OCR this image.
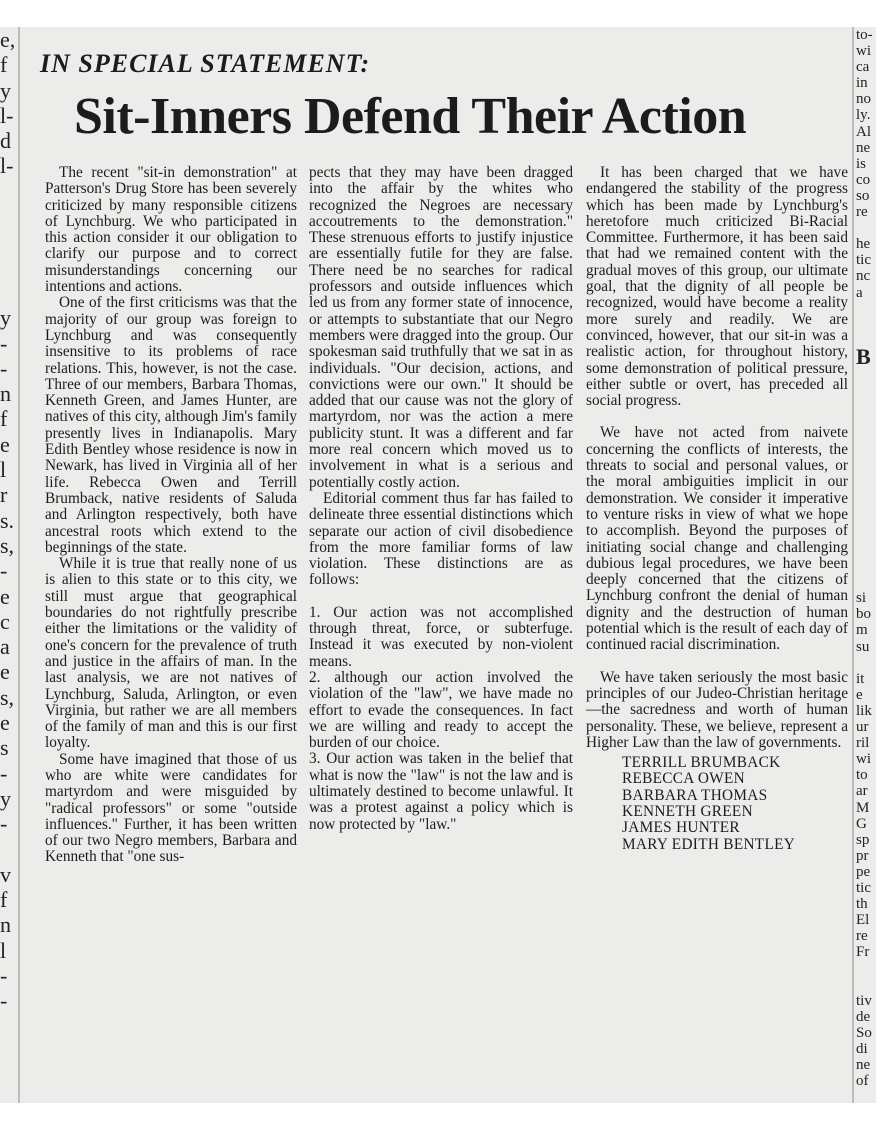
e,
f
y
l-
d
l-
y
-
-
n
f
e
l
r
s.
s,
-
e
c
a
e
s,
e
s
-
y
-
v
f
n
l
-
-
to-
wi
ca
in
no
ly.
Al
ne
is
co
so
re
he
tic
nc
a
B
si
bo
m
su
it
e
lik
ur
ril
wi
to
ar
M
G
sp
pr
pe
tic
th
El
re
Fr
tiv
de
So
di
ne
of
IN SPECIAL STATEMENT:
Sit-Inners Defend Their Action

The recent "sit-in demonstration" at Patterson's Drug Store has been severely criticized by many responsible citizens of Lynchburg. We who participated in this action consider it our obligation to clarify our purpose and to correct misunderstandings concerning our intentions and actions.

One of the first criticisms was that the majority of our group was foreign to Lynchburg and was consequently insensitive to its problems of race relations. This, however, is not the case. Three of our members, Barbara Thomas, Kenneth Green, and James Hunter, are natives of this city, although Jim's family presently lives in Indianapolis. Mary Edith Bentley whose residence is now in Newark, has lived in Virginia all of her life. Rebecca Owen and Terrill Brumback, native residents of Saluda and Arlington respectively, both have ancestral roots which extend to the beginnings of the state.

While it is true that really none of us is alien to this state or to this city, we still must argue that geographical boundaries do not rightfully prescribe either the limitations or the validity of one's concern for the prevalence of truth and justice in the affairs of man. In the last analysis, we are not natives of Lynchburg, Saluda, Arlington, or even Virginia, but rather we are all members of the family of man and this is our first loyalty.

Some have imagined that those of us who are white were candidates for martyrdom and were misguided by "radical professors" or some "outside influences." Further, it has been written of our two Negro members, Barbara and Kenneth that "one sus-

pects that they may have been dragged into the affair by the whites who recognized the Negroes are necessary accoutrements to the demonstration." These strenuous efforts to justify injustice are essentially futile for they are false. There need be no searches for radical professors and outside influences which led us from any former state of innocence, or attempts to substantiate that our Negro members were dragged into the group. Our spokesman said truthfully that we sat in as individuals. "Our decision, actions, and convictions were our own." It should be added that our cause was not the glory of martyrdom, nor was the action a mere publicity stunt. It was a different and far more real concern which moved us to involvement in what is a serious and potentially costly action.

Editorial comment thus far has failed to delineate three essential distinctions which separate our action of civil disobedience from the more familiar forms of law violation. These distinctions are as follows:

1. Our action was not accomplished through threat, force, or subterfuge. Instead it was executed by non-violent means.
2. although our action involved the violation of the "law", we have made no effort to evade the consequences. In fact we are willing and ready to accept the burden of our choice.
3. Our action was taken in the belief that what is now the "law" is not the law and is ultimately destined to become unlawful. It was a protest against a policy which is now protected by "law."

It has been charged that we have endangered the stability of the progress which has been made by Lynchburg's heretofore much criticized Bi-Racial Committee. Furthermore, it has been said that had we remained content with the gradual moves of this group, our ultimate goal, that the dignity of all people be recognized, would have become a reality more surely and readily. We are convinced, however, that our sit-in was a realistic action, for throughout history, some demonstration of political pressure, either subtle or overt, has preceded all social progress.

We have not acted from naivete concerning the conflicts of interests, the threats to social and personal values, or the moral ambiguities implicit in our demonstration. We consider it imperative to venture risks in view of what we hope to accomplish. Beyond the purposes of initiating social change and challenging dubious legal procedures, we have been deeply concerned that the citizens of Lynchburg confront the denial of human dignity and the destruction of human potential which is the result of each day of continued racial discrimination.

We have taken seriously the most basic principles of our Judeo-Christian heritage—the sacredness and worth of human personality. These, we believe, represent a Higher Law than the law of governments.

TERRILL BRUMBACK
REBECCA OWEN
BARBARA THOMAS
KENNETH GREEN
JAMES HUNTER
MARY EDITH BENTLEY
